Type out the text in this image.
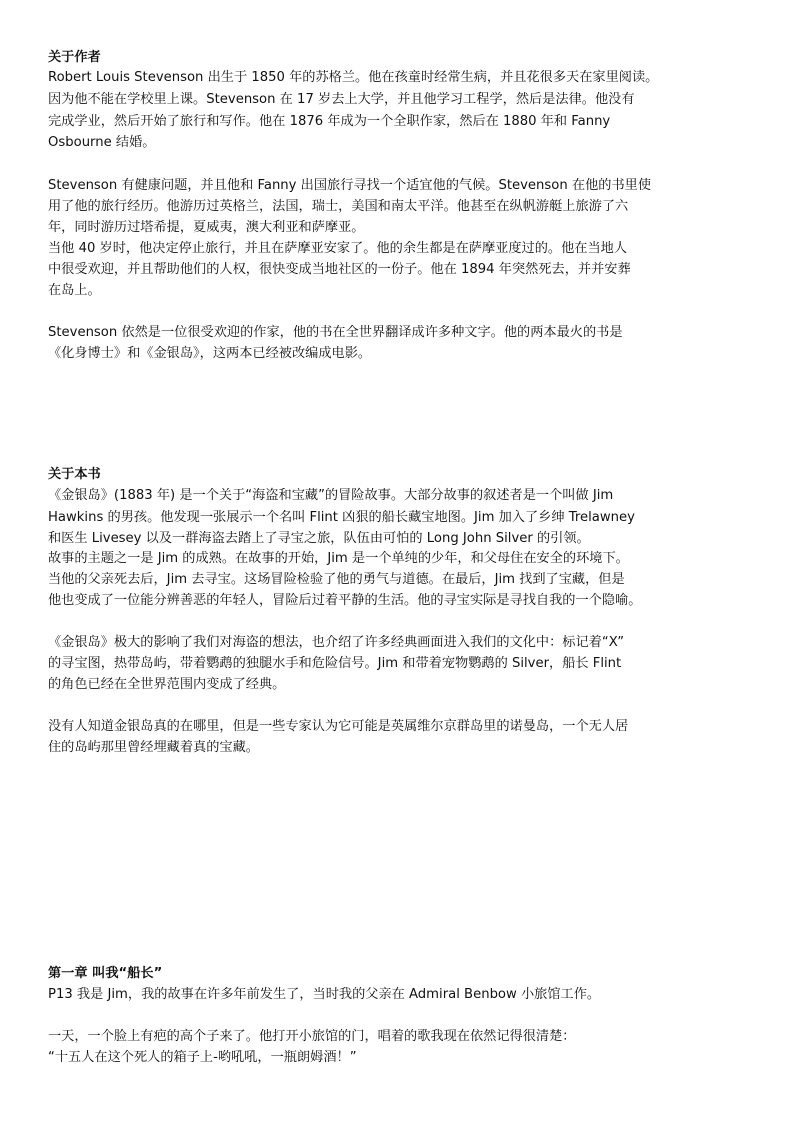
关于作者
Robert Louis Stevenson 出生于 1850 年的苏格兰。他在孩童时经常生病，并且花很多天在家里阅读。
因为他不能在学校里上课。Stevenson 在 17 岁去上大学，并且他学习工程学，然后是法律。他没有
完成学业，然后开始了旅行和写作。他在 1876 年成为一个全职作家，然后在 1880 年和 Fanny
Osbourne 结婚。
Stevenson 有健康问题，并且他和 Fanny 出国旅行寻找一个适宜他的气候。Stevenson 在他的书里使
用了他的旅行经历。他游历过英格兰，法国，瑞士，美国和南太平洋。他甚至在纵帆游艇上旅游了六
年，同时游历过塔希提，夏威夷，澳大利亚和萨摩亚。
当他 40 岁时，他决定停止旅行，并且在萨摩亚安家了。他的余生都是在萨摩亚度过的。他在当地人
中很受欢迎，并且帮助他们的人权，很快变成当地社区的一份子。他在 1894 年突然死去，并并安葬
在岛上。
Stevenson 依然是一位很受欢迎的作家，他的书在全世界翻译成许多种文字。他的两本最火的书是
《化身博士》和《金银岛》，这两本已经被改编成电影。
关于本书
《金银岛》(1883 年) 是一个关于“海盗和宝藏”的冒险故事。大部分故事的叙述者是一个叫做 Jim
Hawkins 的男孩。他发现一张展示一个名叫 Flint 凶狠的船长藏宝地图。Jim 加入了乡绅 Trelawney
和医生 Livesey 以及一群海盗去踏上了寻宝之旅，队伍由可怕的 Long John Silver 的引领。
故事的主题之一是 Jim 的成熟。在故事的开始，Jim 是一个单纯的少年，和父母住在安全的环境下。
当他的父亲死去后，Jim 去寻宝。这场冒险检验了他的勇气与道德。在最后，Jim 找到了宝藏，但是
他也变成了一位能分辨善恶的年轻人，冒险后过着平静的生活。他的寻宝实际是寻找自我的一个隐喻。
《金银岛》极大的影响了我们对海盗的想法，也介绍了许多经典画面进入我们的文化中：标记着“X”
的寻宝图，热带岛屿，带着鹦鹉的独腿水手和危险信号。Jim 和带着宠物鹦鹉的 Silver，船长 Flint
的角色已经在全世界范围内变成了经典。
没有人知道金银岛真的在哪里，但是一些专家认为它可能是英属维尔京群岛里的诺曼岛，一个无人居
住的岛屿那里曾经埋藏着真的宝藏。
第一章 叫我“船长”
P13 我是 Jim，我的故事在许多年前发生了，当时我的父亲在 Admiral Benbow 小旅馆工作。
一天，一个脸上有疤的高个子来了。他打开小旅馆的门，唱着的歌我现在依然记得很清楚：
“十五人在这个死人的箱子上-哟吼吼，一瓶朗姆酒！”
